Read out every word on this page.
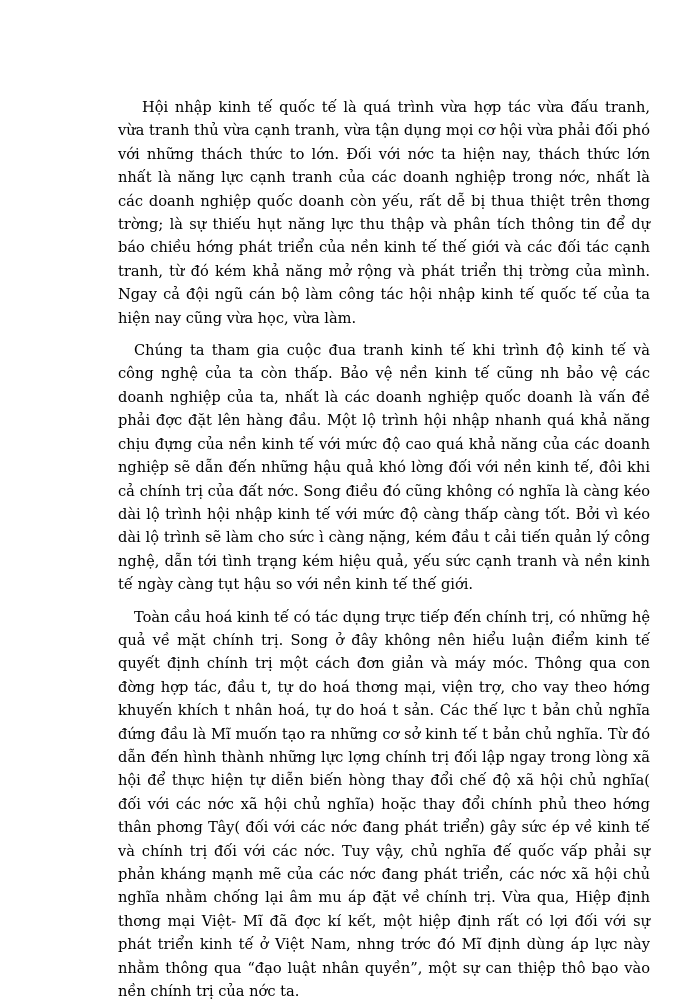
Hội nhập kinh tế quốc tế là quá trình vừa hợp tác vừa đấu tranh, vừa tranh thủ vừa cạnh tranh, vừa tận dụng mọi cơ hội vừa phải đối phó với những thách thức to lớn. Đối với nớc ta hiện nay, thách thức lớn nhất là năng lực cạnh tranh của các doanh nghiệp trong nớc, nhất là các doanh nghiệp quốc doanh còn yếu, rất dễ bị thua thiệt trên thơng trờng; là sự thiếu hụt năng lực thu thập và phân tích thông tin để dự báo chiều hớng phát triển của nền kinh tế thế giới và các đối tác cạnh tranh, từ đó kém khả năng mở rộng và phát triển thị trờng của mình. Ngay cả đội ngũ cán bộ làm công tác hội nhập kinh tế quốc tế của ta hiện nay cũng vừa học, vừa làm.

Chúng ta tham gia cuộc đua tranh kinh tế khi trình độ kinh tế và công nghệ của ta còn thấp. Bảo vệ nền kinh tế cũng nh bảo vệ các doanh nghiệp của ta, nhất là các doanh nghiệp quốc doanh là vấn đề phải đợc đặt lên hàng đầu. Một lộ trình hội nhập nhanh quá khả năng chịu đựng của nền kinh tế với mức độ cao quá khả năng của các doanh nghiệp sẽ dẫn đến những hậu quả khó lờng đối với nền kinh tế, đôi khi cả chính trị của đất nớc. Song điều đó cũng không có nghĩa là càng kéo dài lộ trình hội nhập kinh tế với mức độ càng thấp càng tốt. Bởi vì kéo dài lộ trình sẽ làm cho sức ì càng nặng, kém đầu t cải tiến quản lý công nghệ, dẫn tới tình trạng kém hiệu quả, yếu sức cạnh tranh và nền kinh tế ngày càng tụt hậu so với nền kinh tế thế giới.

Toàn cầu hoá kinh tế có tác dụng trực tiếp đến chính trị, có những hệ quả về mặt chính trị. Song ở đây không nên hiểu luận điểm kinh tế quyết định chính trị một cách đơn giản và máy móc. Thông qua con đờng hợp tác, đầu t, tự do hoá thơng mại, viện trợ, cho vay theo hớng khuyến khích t nhân hoá, tự do hoá t sản. Các thế lực t bản chủ nghĩa đứng đầu là Mĩ muốn tạo ra những cơ sở kinh tế t bản chủ nghĩa. Từ đó dẫn đến hình thành những lực lợng chính trị đối lập ngay trong lòng xã hội để thực hiện tự diễn biến hòng thay đổi chế độ xã hội chủ nghĩa( đối với các nớc xã hội chủ nghĩa) hoặc thay đổi chính phủ theo hớng thân phơng Tây( đối với các nớc đang phát triển) gây sức ép về kinh tế và chính trị đối với các nớc. Tuy vậy, chủ nghĩa đế quốc vấp phải sự phản kháng mạnh mẽ của các nớc đang phát triển, các nớc xã hội chủ nghĩa nhằm chống lại âm mu áp đặt về chính trị. Vừa qua, Hiệp định thơng mại Việt- Mĩ đã đợc kí kết, một hiệp định rất có lợi đối với sự phát triển kinh tế ở Việt Nam, nhng trớc đó Mĩ định dùng áp lực này nhằm thông qua “đạo luật nhân quyền”, một sự can thiệp thô bạo vào nền chính trị của nớc ta.
